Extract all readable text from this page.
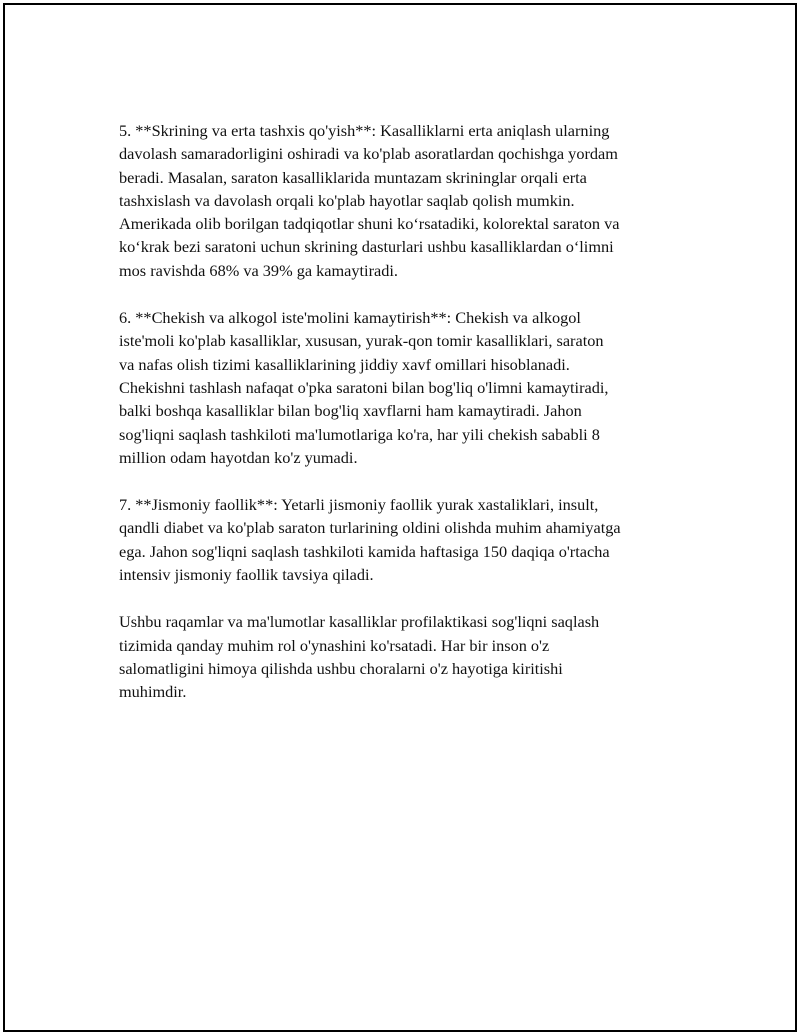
5. **Skrining va erta tashxis qo'yish**: Kasalliklarni erta aniqlash ularning
davolash samaradorligini oshiradi va ko'plab asoratlardan qochishga yordam
beradi. Masalan, saraton kasalliklarida muntazam skrininglar orqali erta
tashxislash va davolash orqali ko'plab hayotlar saqlab qolish mumkin.
Amerikada olib borilgan tadqiqotlar shuni ko‘rsatadiki, kolorektal saraton va
ko‘krak bezi saratoni uchun skrining dasturlari ushbu kasalliklardan o‘limni
mos ravishda 68% va 39% ga kamaytiradi.

6. **Chekish va alkogol iste'molini kamaytirish**: Chekish va alkogol
iste'moli ko'plab kasalliklar, xususan, yurak-qon tomir kasalliklari, saraton
va nafas olish tizimi kasalliklarining jiddiy xavf omillari hisoblanadi.
Chekishni tashlash nafaqat o'pka saratoni bilan bog'liq o'limni kamaytiradi,
balki boshqa kasalliklar bilan bog'liq xavflarni ham kamaytiradi. Jahon
sog'liqni saqlash tashkiloti ma'lumotlariga ko'ra, har yili chekish sababli 8
million odam hayotdan ko'z yumadi.

7. **Jismoniy faollik**: Yetarli jismoniy faollik yurak xastaliklari, insult,
qandli diabet va ko'plab saraton turlarining oldini olishda muhim ahamiyatga
ega. Jahon sog'liqni saqlash tashkiloti kamida haftasiga 150 daqiqa o'rtacha
intensiv jismoniy faollik tavsiya qiladi.

Ushbu raqamlar va ma'lumotlar kasalliklar profilaktikasi sog'liqni saqlash
tizimida qanday muhim rol o'ynashini ko'rsatadi. Har bir inson o'z
salomatligini himoya qilishda ushbu choralarni o'z hayotiga kiritishi
muhimdir.
